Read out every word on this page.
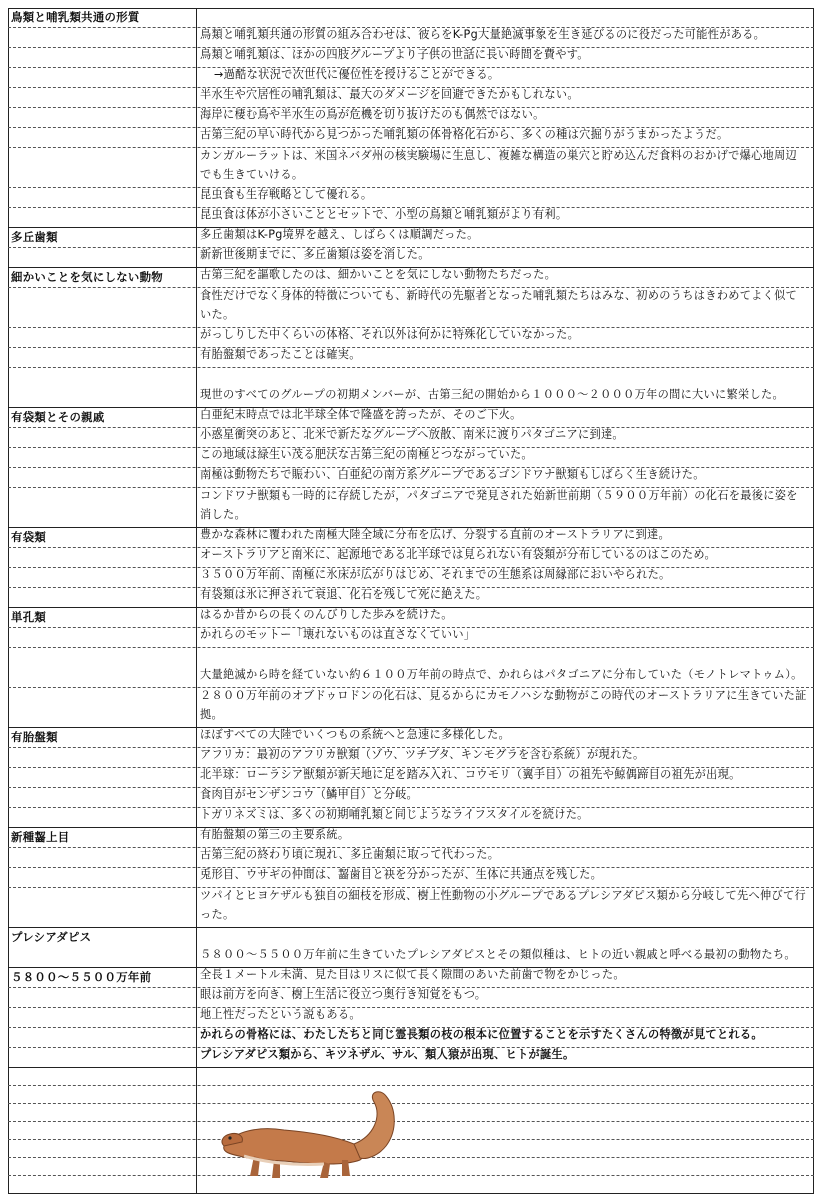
鳥類と哺乳類共通の形質
鳥類と哺乳類共通の形質の組み合わせは、彼らをK-Pg大量絶滅事象を生き延びるのに役だった可能性がある。
鳥類と哺乳類は、ほかの四肢グループより子供の世話に長い時間を費やす。
→過酷な状況で次世代に優位性を授けることができる。
半水生や穴居性の哺乳類は、最大のダメージを回避できたかもしれない。
海岸に棲む鳥や半水生の鳥が危機を切り抜けたのも偶然ではない。
古第三紀の早い時代から見つかった哺乳類の体骨格化石から、多くの種は穴掘りがうまかったようだ。
カンガルーラットは、米国ネバダ州の核実験場に生息し、複雑な構造の巣穴と貯め込んだ食料のおかげで爆心地周辺でも生きていける。
昆虫食も生存戦略として優れる。
昆虫食は体が小さいこととセットで、小型の鳥類と哺乳類がより有利。
多丘歯類	多丘歯類はK-Pg境界を越え、しばらくは順調だった。
新新世後期までに、多丘歯類は姿を消した。
細かいことを気にしない動物	古第三紀を謳歌したのは、細かいことを気にしない動物たちだった。
食性だけでなく身体的特徴についても、新時代の先駆者となった哺乳類たちはみな、初めのうちはきわめてよく似ていた。
がっしりした中くらいの体格、それ以外は何かに特殊化していなかった。
有胎盤類であったことは確実。
現世のすべてのグループの初期メンバーが、古第三紀の開始から１０００～２０００万年の間に大いに繁栄した。
有袋類とその親戚	白亜紀末時点では北半球全体で隆盛を誇ったが、そのご下火。
小惑星衝突のあと、北米で新たなグループへ放散、南米に渡りパタゴニアに到達。
この地域は緑生い茂る肥沃な古第三紀の南極とつながっていた。
南極は動物たちで賑わい、白亜紀の南方系グループであるゴンドワナ獣類もしばらく生き続けた。
コンドワナ獣類も一時的に存続したが，パタゴニアで発見された始新世前期（５９００万年前）の化石を最後に姿を消した。
有袋類	豊かな森林に覆われた南極大陸全域に分布を広げ、分裂する直前のオーストラリアに到達。
オーストラリアと南米に、起源地である北半球では見られない有袋類が分布しているのはこのため。
３５００万年前、南極に氷床が広がりはじめ、それまでの生態系は周縁部においやられた。
有袋類は氷に押されて衰退、化石を残して死に絶えた。
単孔類	はるか昔からの長くのんびりした歩みを続けた。
かれらのモットー「壊れないものは直さなくていい」
大量絶滅から時を経ていない約６１００万年前の時点で、かれらはパタゴニアに分布していた（モノトレマトゥム）。
２８００万年前のオブドゥロドンの化石は、見るからにカモノハシな動物がこの時代のオーストラリアに生きていた証拠。
有胎盤類	ほぼすべての大陸でいくつもの系統へと急速に多様化した。
アフリカ：最初のアフリカ獣類（ゾウ、ツチブタ、キンモグラを含む系統）が現れた。
北半球：ローラシア獣類が新天地に足を踏み入れ、コウモリ（翼手目）の祖先や鯨偶蹄目の祖先が出現。
食肉目がセンザンコウ（鱗甲目）と分岐。
トガリネズミは、多くの初期哺乳類と同じようなライフスタイルを続けた。
新種齧上目	有胎盤類の第三の主要系統。
古第三紀の終わり頃に現れ、多丘歯類に取って代わった。
兎形目、ウサギの仲間は、齧歯目と袂を分かったが、生体に共通点を残した。
ツパイとヒヨケザルも独自の細枝を形成、樹上性動物の小グループであるプレシアダピス類から分岐して先へ伸びて行った。
プレシアダピス
５８００～５５００万年前に生きていたプレシアダピスとその類似種は、ヒトの近い親戚と呼べる最初の動物たち。
５８００～５５００万年前	全長１メートル未満、見た目はリスに似て長く隙間のあいた前歯で物をかじった。
眼は前方を向き、樹上生活に役立つ奥行き知覚をもつ。
地上性だったという説もある。
かれらの骨格には、わたしたちと同じ霊長類の枝の根本に位置することを示すたくさんの特徴が見てとれる。
プレシアダピス類から、キツネザル、サル、類人猿が出現、ヒトが誕生。
